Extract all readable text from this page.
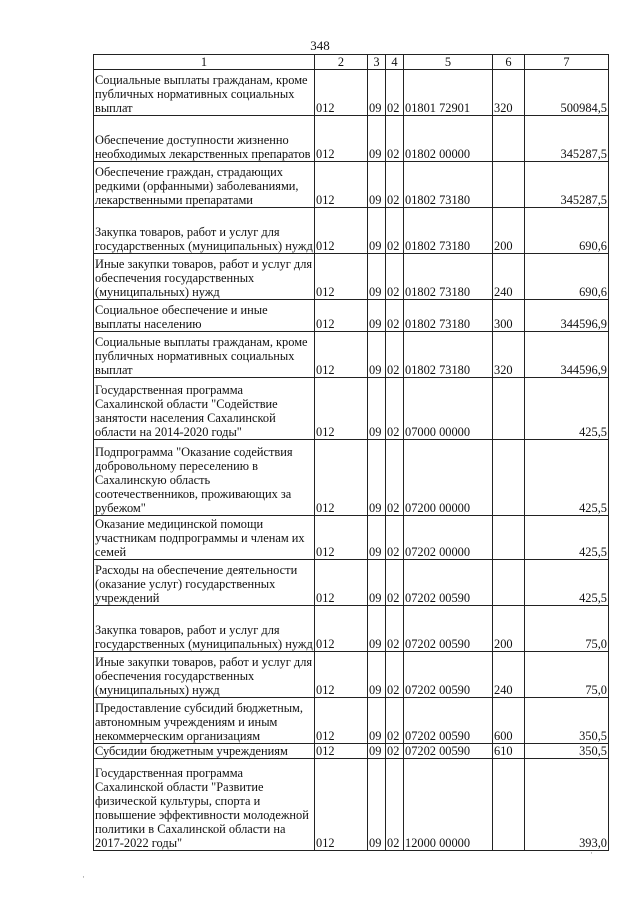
348
1	2	3	4	5	6	7
Социальные выплаты гражданам, кроме публичных нормативных социальных выплат	012	09	02	01801 72901	320	500984,5
Обеспечение доступности жизненно необходимых лекарственных препаратов	012	09	02	01802 00000		345287,5
Обеспечение граждан, страдающих редкими (орфанными) заболеваниями, лекарственными препаратами	012	09	02	01802 73180		345287,5
Закупка товаров, работ и услуг для государственных (муниципальных) нужд	012	09	02	01802 73180	200	690,6
Иные закупки товаров, работ и услуг для обеспечения государственных (муниципальных) нужд	012	09	02	01802 73180	240	690,6
Социальное обеспечение и иные выплаты населению	012	09	02	01802 73180	300	344596,9
Социальные выплаты гражданам, кроме публичных нормативных социальных выплат	012	09	02	01802 73180	320	344596,9
Государственная программа Сахалинской области "Содействие занятости населения Сахалинской области на 2014-2020 годы"	012	09	02	07000 00000		425,5
Подпрограмма "Оказание содействия добровольному переселению в Сахалинскую область соотечественников, проживающих за рубежом"	012	09	02	07200 00000		425,5
Оказание медицинской помощи участникам подпрограммы и членам их семей	012	09	02	07202 00000		425,5
Расходы на обеспечение деятельности (оказание услуг) государственных учреждений	012	09	02	07202 00590		425,5
Закупка товаров, работ и услуг для государственных (муниципальных) нужд	012	09	02	07202 00590	200	75,0
Иные закупки товаров, работ и услуг для обеспечения государственных (муниципальных) нужд	012	09	02	07202 00590	240	75,0
Предоставление субсидий бюджетным, автономным учреждениям и иным некоммерческим организациям	012	09	02	07202 00590	600	350,5
Субсидии бюджетным учреждениям	012	09	02	07202 00590	610	350,5
Государственная программа Сахалинской области "Развитие физической культуры, спорта и повышение эффективности молодежной политики в Сахалинской области на 2017-2022 годы"	012	09	02	12000 00000		393,0
·
·
